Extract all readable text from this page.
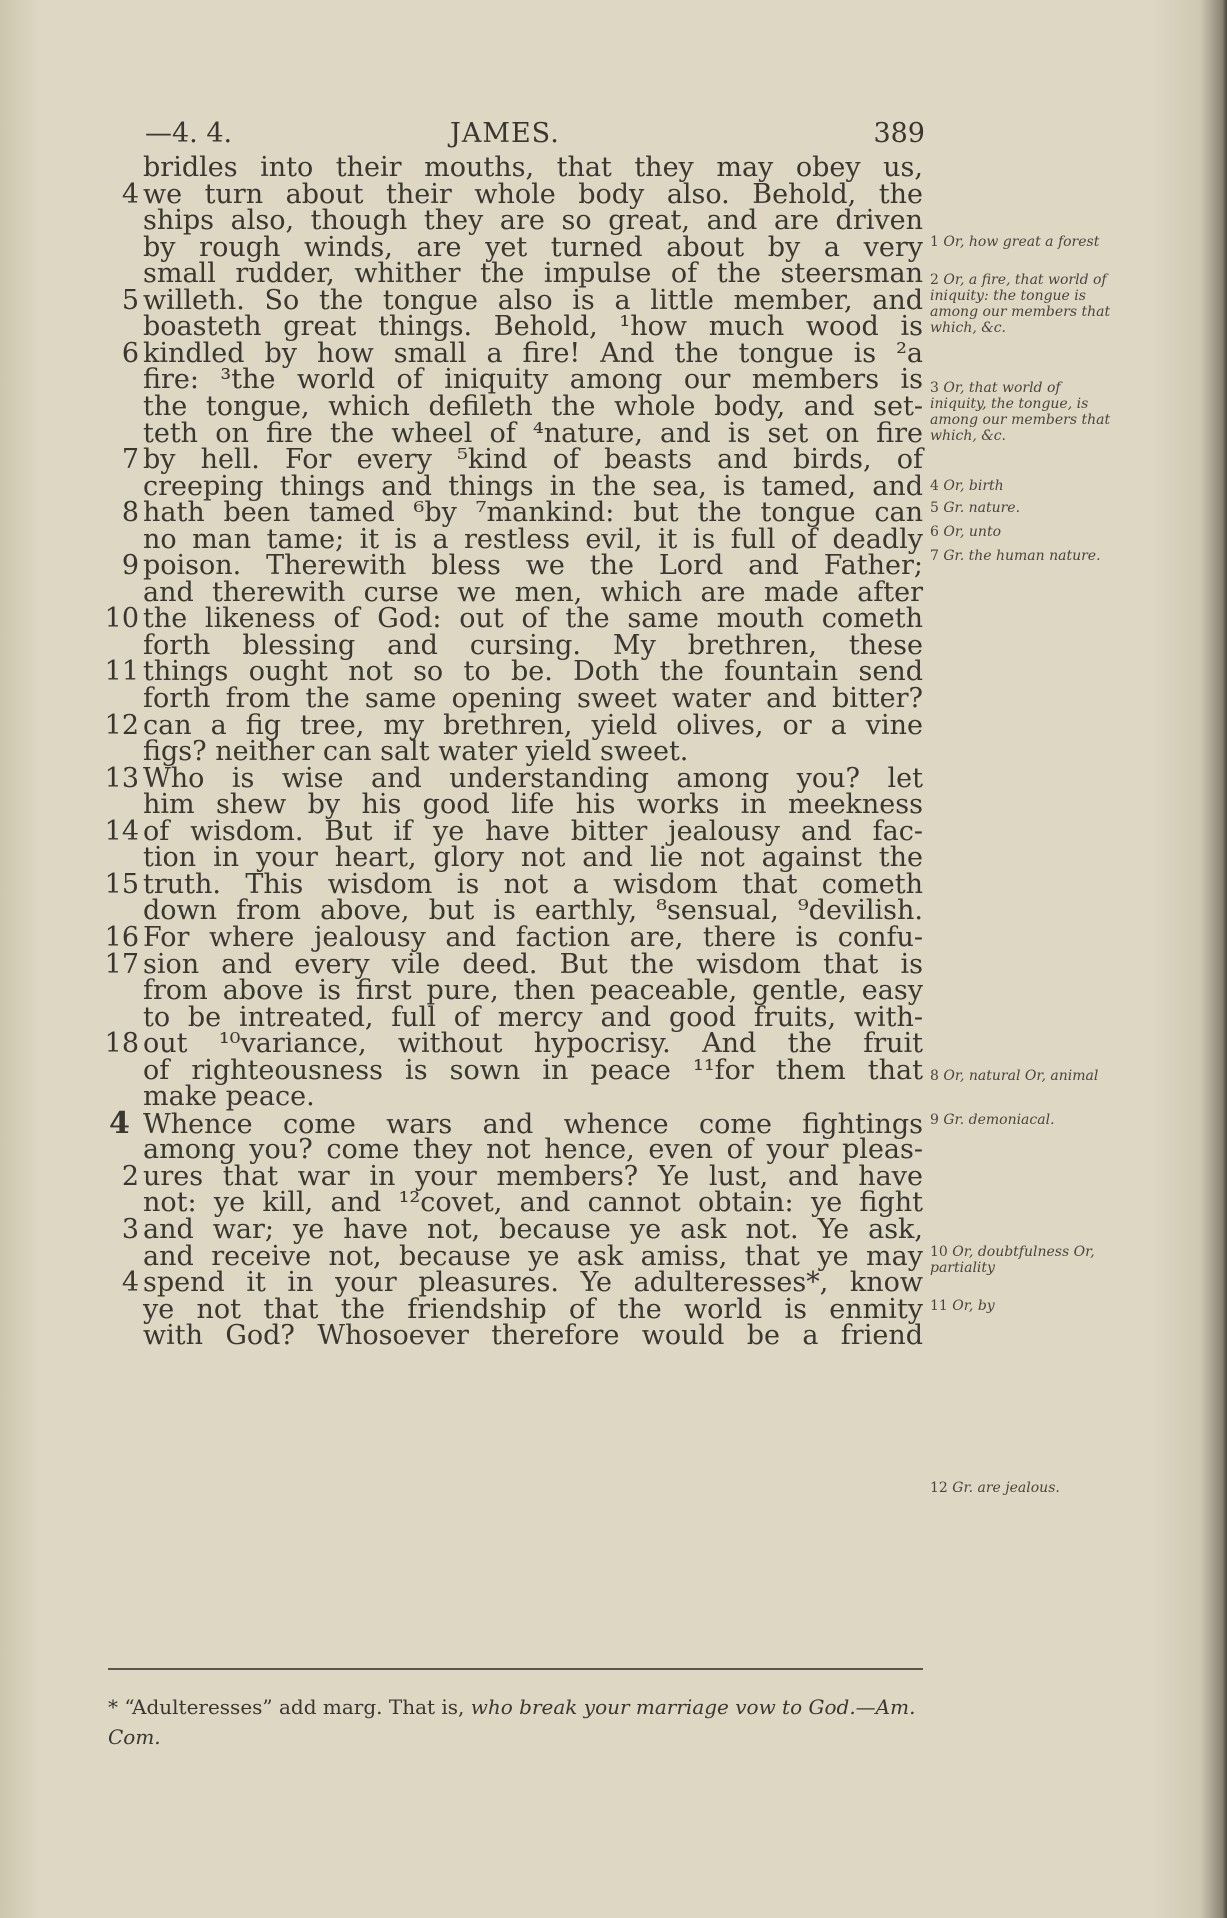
—4. 4.	JAMES.	389
bridles into their mouths, that they may obey us,
4 we turn about their whole body also. Behold, the
ships also, though they are so great, and are driven
by rough winds, are yet turned about by a very
small rudder, whither the impulse of the steersman
5 willeth. So the tongue also is a little member, and
boasteth great things. Behold, ¹how much wood is
6 kindled by how small a fire! And the tongue is ²a
fire: ³the world of iniquity among our members is
the tongue, which defileth the whole body, and set-
teth on fire the wheel of ⁴nature, and is set on fire
7 by hell. For every ⁵kind of beasts and birds, of
creeping things and things in the sea, is tamed, and
8 hath been tamed ⁶by ⁷mankind: but the tongue can
no man tame; it is a restless evil, it is full of deadly
9 poison. Therewith bless we the Lord and Father;
and therewith curse we men, which are made after
10 the likeness of God: out of the same mouth cometh
forth blessing and cursing. My brethren, these
11 things ought not so to be. Doth the fountain send
forth from the same opening sweet water and bitter?
12 can a fig tree, my brethren, yield olives, or a vine
figs? neither can salt water yield sweet.
13 Who is wise and understanding among you? let
him shew by his good life his works in meekness
14 of wisdom. But if ye have bitter jealousy and fac-
tion in your heart, glory not and lie not against the
15 truth. This wisdom is not a wisdom that cometh
down from above, but is earthly, ⁸sensual, ⁹devilish.
16 For where jealousy and faction are, there is confu-
17 sion and every vile deed. But the wisdom that is
from above is first pure, then peaceable, gentle, easy
to be intreated, full of mercy and good fruits, with-
18 out ¹⁰variance, without hypocrisy. And the fruit
of righteousness is sown in peace ¹¹for them that
make peace.
4 Whence come wars and whence come fightings
among you? come they not hence, even of your pleas-
2 ures that war in your members? Ye lust, and have
not: ye kill, and ¹²covet, and cannot obtain: ye fight
3 and war; ye have not, because ye ask not. Ye ask,
and receive not, because ye ask amiss, that ye may
4 spend it in your pleasures. Ye adulteresses*, know
ye not that the friendship of the world is enmity
with God? Whosoever therefore would be a friend
1 Or, how great a forest
2 Or, a fire, that world of iniquity: the tongue is among our members that which, &c.
3 Or, that world of iniquity, the tongue, is among our members that which, &c.
4 Or, birth
5 Gr. nature.
6 Or, unto
7 Gr. the human nature.
8 Or, natural Or, animal
9 Gr. demoniacal.
10 Or, doubtfulness Or, partiality
11 Or, by
12 Gr. are jealous.
* “Adulteresses” add marg. That is, who break your marriage vow to God.—Am. Com.
